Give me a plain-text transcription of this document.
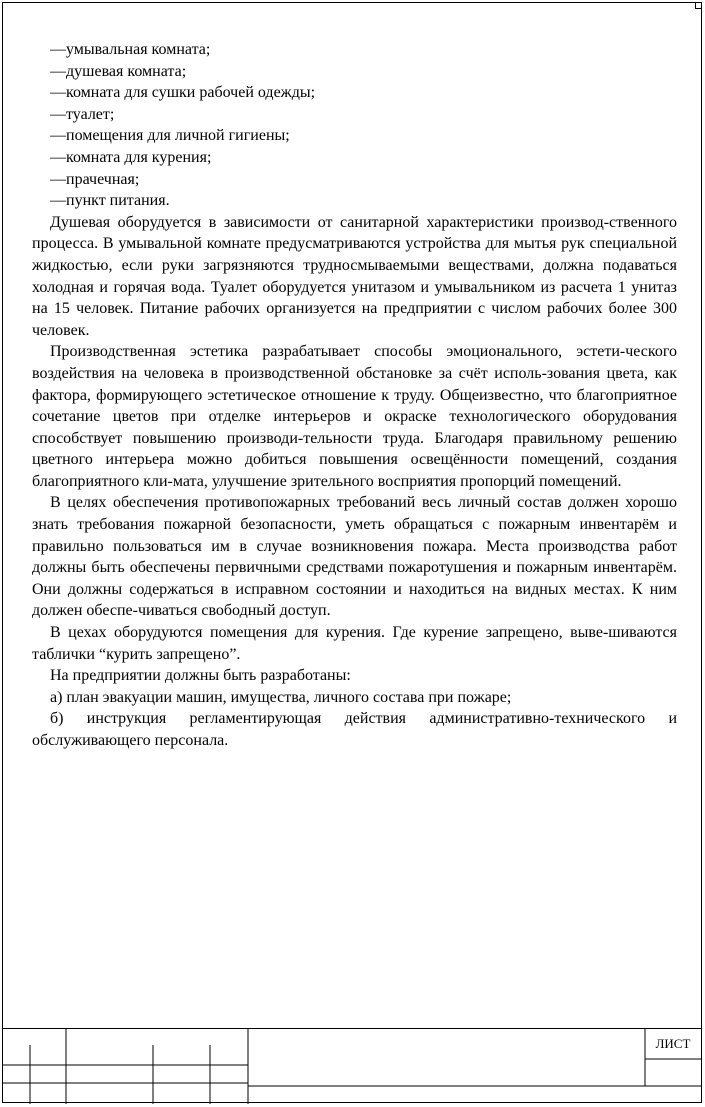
—умывальная комната;

—душевая комната;

—комната для сушки рабочей одежды;

—туалет;

—помещения для личной гигиены;

—комната для курения;

—прачечная;

—пункт питания.

Душевая оборудуется в зависимости от санитарной характеристики производ-ственного процесса. В умывальной комнате предусматриваются устройства для мытья рук специальной жидкостью, если руки загрязняются трудносмываемыми веществами, должна подаваться холодная и горячая вода. Туалет оборудуется унитазом и умывальником из расчета 1 унитаз на 15 человек. Питание рабочих организуется на предприятии с числом рабочих более 300 человек.

Производственная эстетика разрабатывает способы эмоционального, эстети-ческого воздействия на человека в производственной обстановке за счёт исполь-зования цвета, как фактора, формирующего эстетическое отношение к труду. Общеизвестно, что благоприятное сочетание цветов при отделке интерьеров и окраске технологического оборудования способствует повышению производи-тельности труда. Благодаря правильному решению цветного интерьера можно добиться повышения освещённости помещений, создания благоприятного кли-мата, улучшение зрительного восприятия пропорций помещений.

В целях обеспечения противопожарных требований весь личный состав должен хорошо знать требования пожарной безопасности, уметь обращаться с пожарным инвентарём и правильно пользоваться им в случае возникновения пожара. Места производства работ должны быть обеспечены первичными средствами пожаротушения и пожарным инвентарём. Они должны содержаться в исправном состоянии и находиться на видных местах. К ним должен обеспе-чиваться свободный доступ.

В цехах оборудуются помещения для курения. Где курение запрещено, выве-шиваются таблички “курить запрещено”.

На предприятии должны быть разработаны:

а) план эвакуации машин, имущества, личного состава при пожаре;

б) инструкция регламентирующая действия административно-технического и обслуживающего персонала.

ЛИСТ
